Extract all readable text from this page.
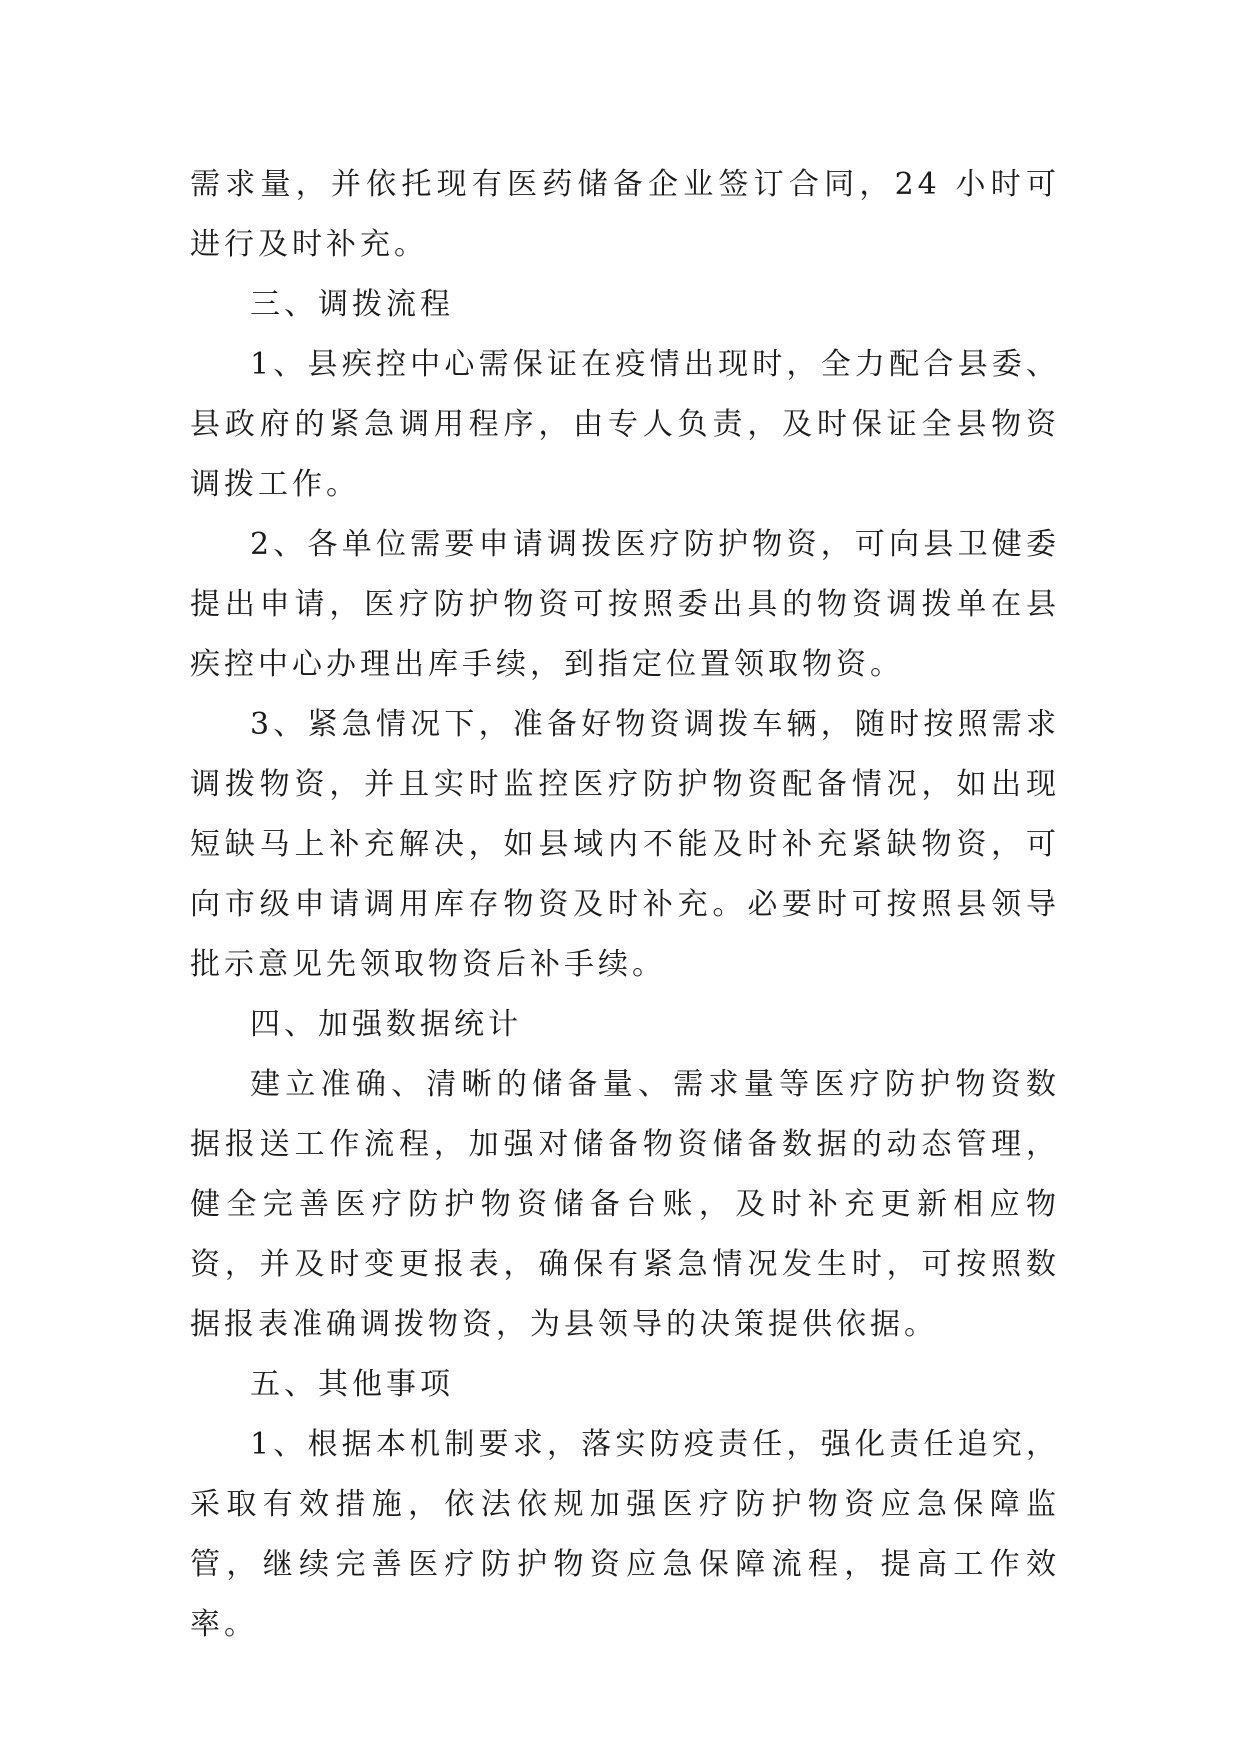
需求量，并依托现有医药储备企业签订合同，24 小时可进行及时补充。

三、调拨流程

1、县疾控中心需保证在疫情出现时，全力配合县委、县政府的紧急调用程序，由专人负责，及时保证全县物资调拨工作。

2、各单位需要申请调拨医疗防护物资，可向县卫健委提出申请，医疗防护物资可按照委出具的物资调拨单在县疾控中心办理出库手续，到指定位置领取物资。

3、紧急情况下，准备好物资调拨车辆，随时按照需求调拨物资，并且实时监控医疗防护物资配备情况，如出现短缺马上补充解决，如县域内不能及时补充紧缺物资，可向市级申请调用库存物资及时补充。必要时可按照县领导批示意见先领取物资后补手续。

四、加强数据统计

建立准确、清晰的储备量、需求量等医疗防护物资数据报送工作流程，加强对储备物资储备数据的动态管理，健全完善医疗防护物资储备台账，及时补充更新相应物资，并及时变更报表，确保有紧急情况发生时，可按照数据报表准确调拨物资，为县领导的决策提供依据。

五、其他事项

1、根据本机制要求，落实防疫责任，强化责任追究，采取有效措施，依法依规加强医疗防护物资应急保障监管，继续完善医疗防护物资应急保障流程，提高工作效率。
